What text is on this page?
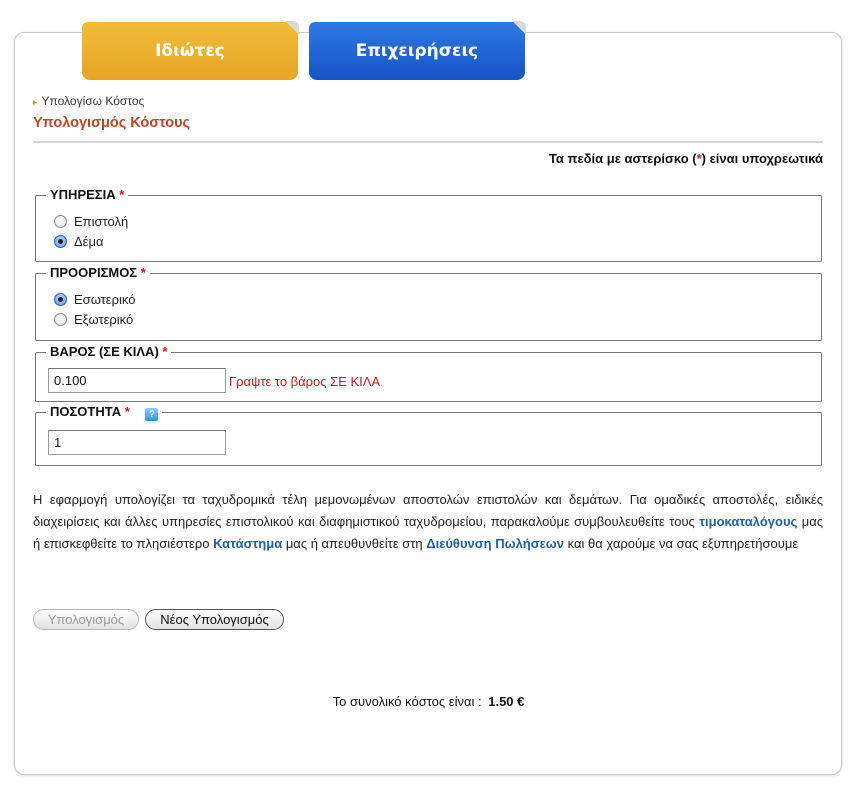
Ιδιώτες	Επιχειρήσεις
▸ Υπολογίσω Κόστος
Υπολογισμός Κόστους
Τα πεδία με αστερίσκο (*) είναι υποχρεωτικά
ΥΠΗΡΕΣΙΑ *
Επιστολή
Δέμα
ΠΡΟΟΡΙΣΜΟΣ *
Εσωτερικό
Εξωτερικό
ΒΑΡΟΣ (ΣΕ ΚΙΛΑ) *
0.100
Γραψτε το βάρος ΣΕ ΚΙΛΑ
ΠΟΣΟΤΗΤΑ * ?
1
Η εφαρμογή υπολογίζει τα ταχυδρομικά τέλη μεμονωμένων αποστολών επιστολών και δεμάτων. Για ομαδικές αποστολές, ειδικές διαχειρίσεις και άλλες υπηρεσίες επιστολικού και διαφημιστικού ταχυδρομείου, παρακαλούμε συμβουλευθείτε τους τιμοκαταλόγους μας ή επισκεφθείτε το πλησιέστερο Κατάστημα μας ή απευθυνθείτε στη Διεύθυνση Πωλήσεων και θα χαρούμε να σας εξυπηρετήσουμε
Υπολογισμός	Νέος Υπολογισμός
Το συνολικό κόστος είναι : 1.50 €
